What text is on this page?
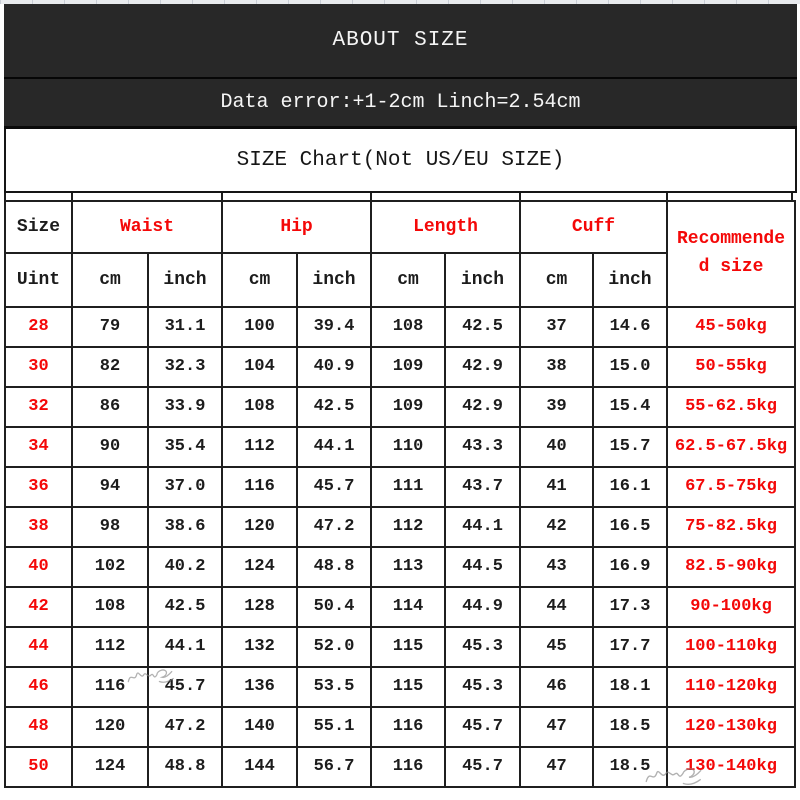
ABOUT SIZE
Data error:+1-2cm Linch=2.54cm
SIZE Chart(Not US/EU SIZE)
Size	Waist		Hip		Length		Cuff		Recommended size
Uint	cm	inch	cm	inch	cm	inch	cm	inch	
28	79	31.1	100	39.4	108	42.5	37	14.6	45-50kg
30	82	32.3	104	40.9	109	42.9	38	15.0	50-55kg
32	86	33.9	108	42.5	109	42.9	39	15.4	55-62.5kg
34	90	35.4	112	44.1	110	43.3	40	15.7	62.5-67.5kg
36	94	37.0	116	45.7	111	43.7	41	16.1	67.5-75kg
38	98	38.6	120	47.2	112	44.1	42	16.5	75-82.5kg
40	102	40.2	124	48.8	113	44.5	43	16.9	82.5-90kg
42	108	42.5	128	50.4	114	44.9	44	17.3	90-100kg
44	112	44.1	132	52.0	115	45.3	45	17.7	100-110kg
46	116	45.7	136	53.5	115	45.3	46	18.1	110-120kg
48	120	47.2	140	55.1	116	45.7	47	18.5	120-130kg
50	124	48.8	144	56.7	116	45.7	47	18.5	130-140kg
